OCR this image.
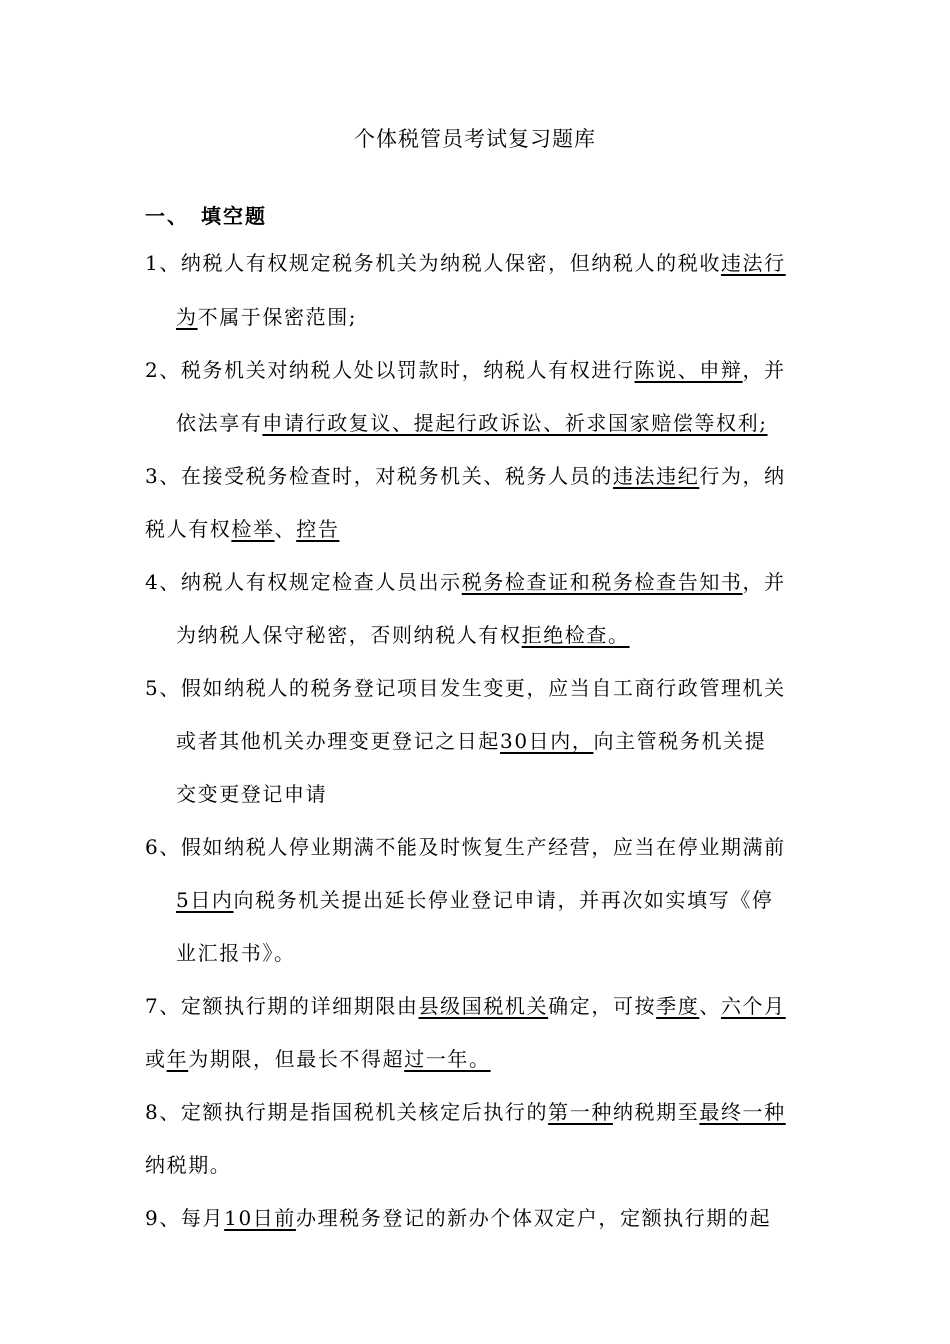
个体税管员考试复习题库
一、　填空题
1、纳税人有权规定税务机关为纳税人保密，但纳税人的税收违法行
为不属于保密范围;
2、税务机关对纳税人处以罚款时，纳税人有权进行陈说、申辩，并
依法享有申请行政复议、提起行政诉讼、祈求国家赔偿等权利;
3、在接受税务检查时，对税务机关、税务人员的违法违纪行为，纳
税人有权检举、控告
4、纳税人有权规定检查人员出示税务检查证和税务检查告知书，并
为纳税人保守秘密，否则纳税人有权拒绝检查。
5、假如纳税人的税务登记项目发生变更，应当自工商行政管理机关
或者其他机关办理变更登记之日起30日内，向主管税务机关提
交变更登记申请
6、假如纳税人停业期满不能及时恢复生产经营，应当在停业期满前
5日内向税务机关提出延长停业登记申请，并再次如实填写《停
业汇报书》。
7、定额执行期的详细期限由县级国税机关确定，可按季度、六个月
或年为期限，但最长不得超过一年。
8、定额执行期是指国税机关核定后执行的第一种纳税期至最终一种
纳税期。
9、每月10日前办理税务登记的新办个体双定户，定额执行期的起
